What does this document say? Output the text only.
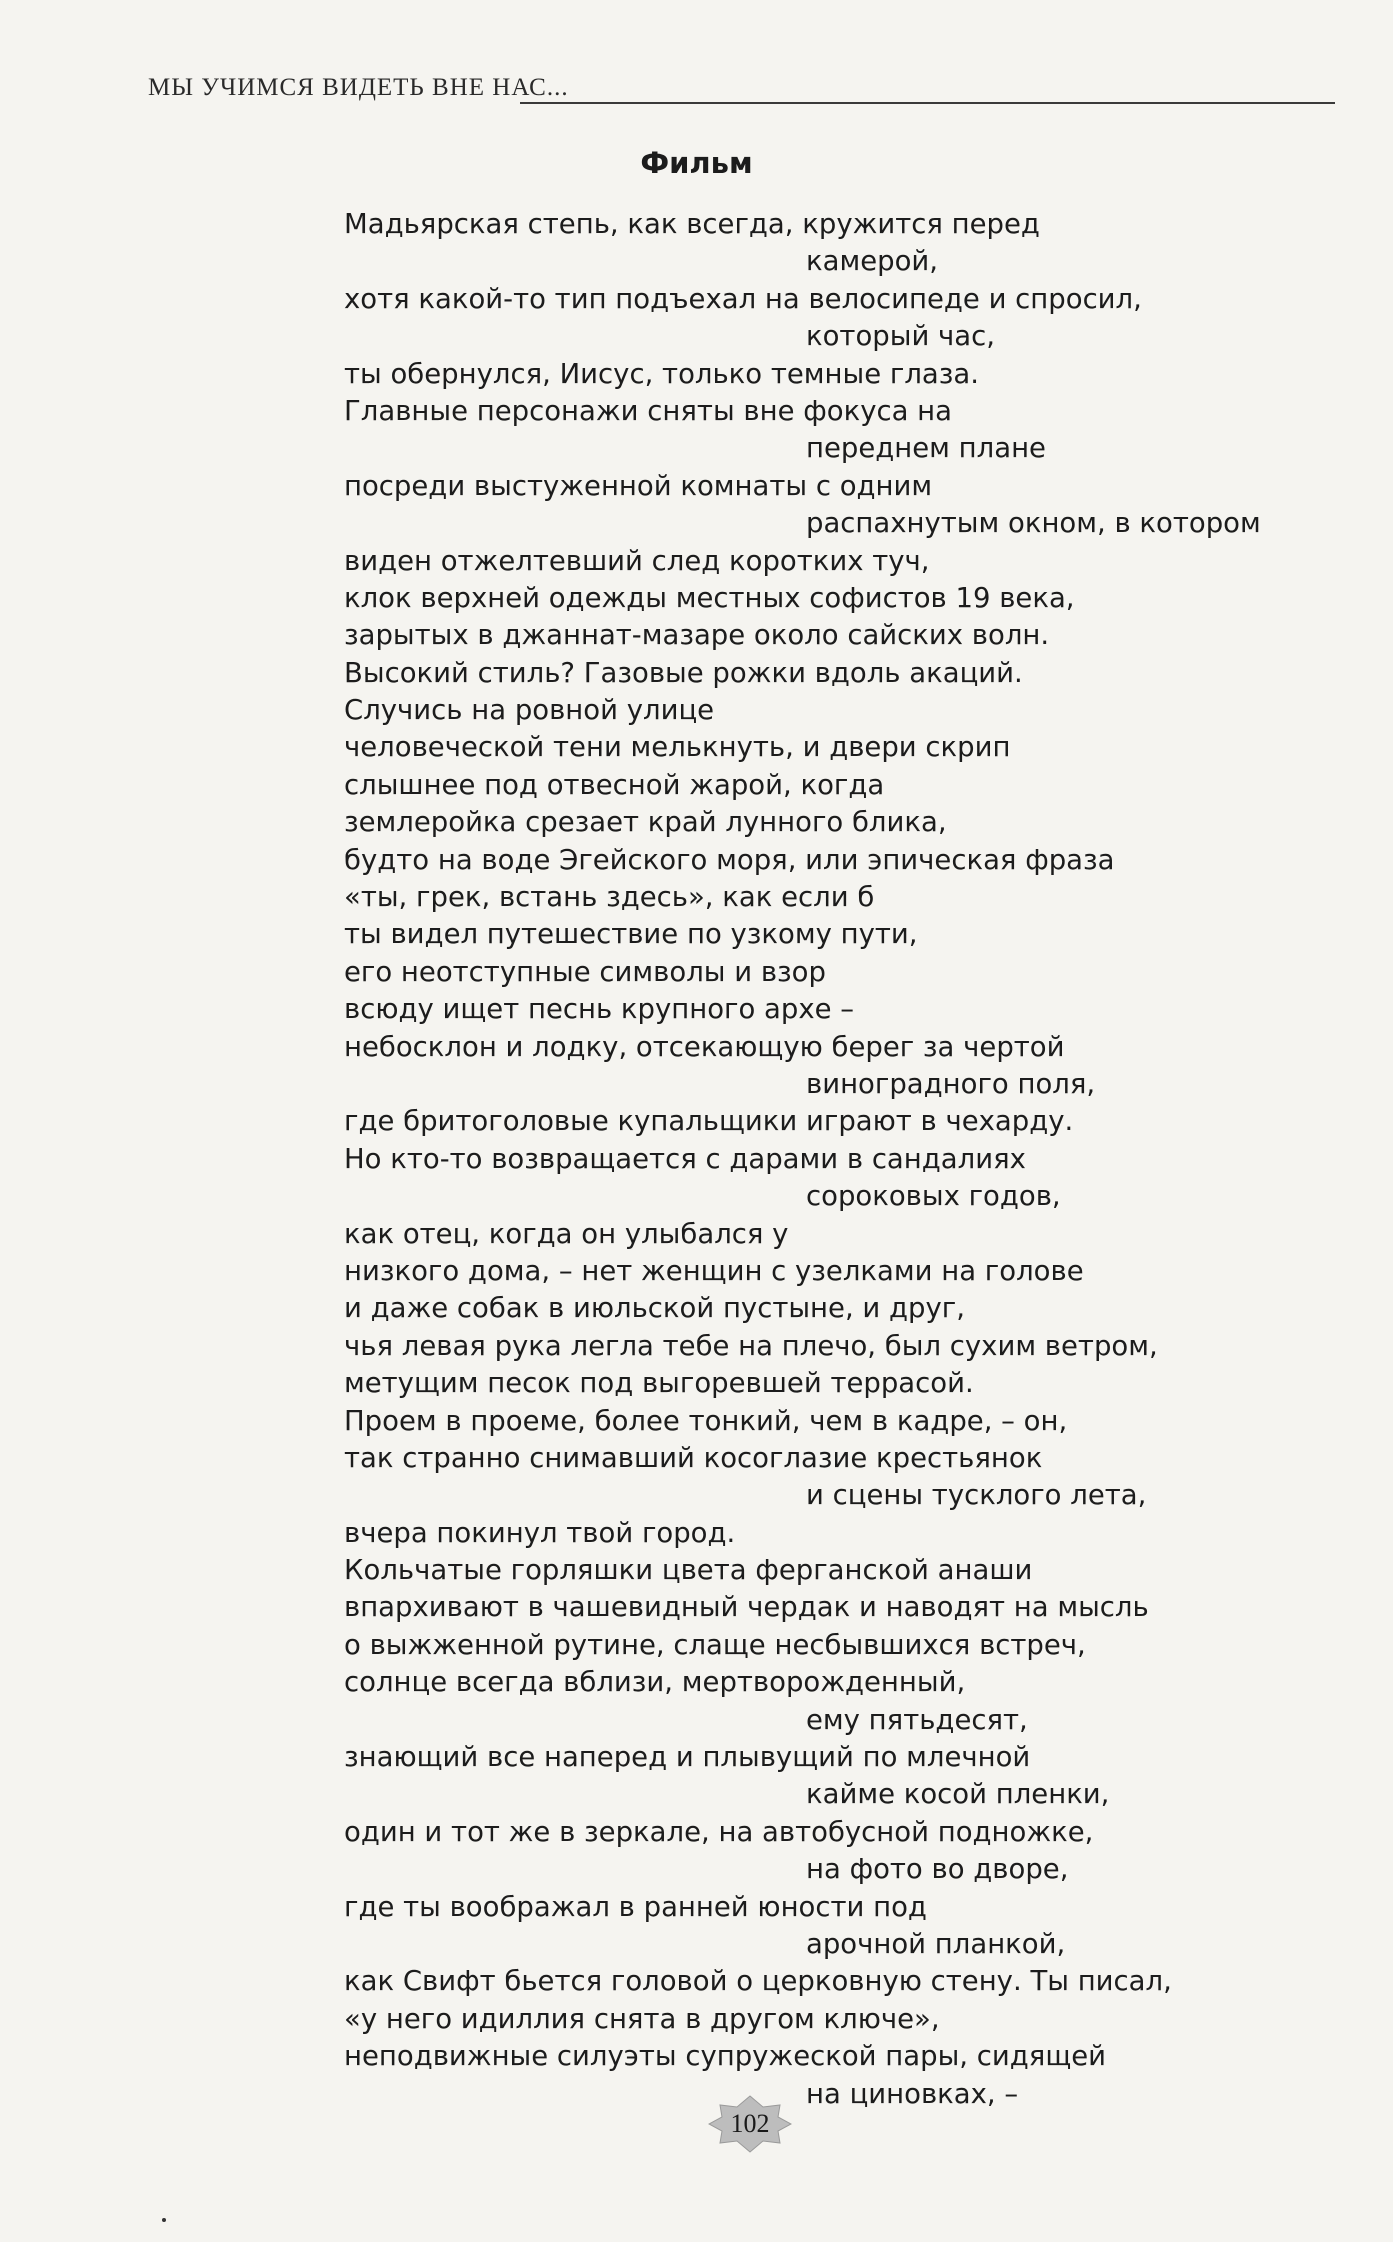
МЫ УЧИМСЯ ВИДЕТЬ ВНЕ НАС...
Фильм
Мадьярская степь, как всегда, кружится перед
камерой,
хотя какой-то тип подъехал на велосипеде и спросил,
который час,
ты обернулся, Иисус, только темные глаза.
Главные персонажи сняты вне фокуса на
переднем плане
посреди выстуженной комнаты с одним
распахнутым окном, в котором
виден отжелтевший след коротких туч,
клок верхней одежды местных софистов 19 века,
зарытых в джаннат-мазаре около сайских волн.
Высокий стиль? Газовые рожки вдоль акаций.
Случись на ровной улице
человеческой тени мелькнуть, и двери скрип
слышнее под отвесной жарой, когда
землеройка срезает край лунного блика,
будто на воде Эгейского моря, или эпическая фраза
«ты, грек, встань здесь», как если б
ты видел путешествие по узкому пути,
его неотступные символы и взор
всюду ищет песнь крупного архе –
небосклон и лодку, отсекающую берег за чертой
виноградного поля,
где бритоголовые купальщики играют в чехарду.
Но кто-то возвращается с дарами в сандалиях
сороковых годов,
как отец, когда он улыбался у
низкого дома, – нет женщин с узелками на голове
и даже собак в июльской пустыне, и друг,
чья левая рука легла тебе на плечо, был сухим ветром,
метущим песок под выгоревшей террасой.
Проем в проеме, более тонкий, чем в кадре, – он,
так странно снимавший косоглазие крестьянок
и сцены тусклого лета,
вчера покинул твой город.
Кольчатые горляшки цвета ферганской анаши
впархивают в чашевидный чердак и наводят на мысль
о выжженной рутине, слаще несбывшихся встреч,
солнце всегда вблизи, мертворожденный,
ему пятьдесят,
знающий все наперед и плывущий по млечной
кайме косой пленки,
один и тот же в зеркале, на автобусной подножке,
на фото во дворе,
где ты воображал в ранней юности под
арочной планкой,
как Свифт бьется головой о церковную стену. Ты писал,
«у него идиллия снята в другом ключе»,
неподвижные силуэты супружеской пары, сидящей
на циновках, –
102
